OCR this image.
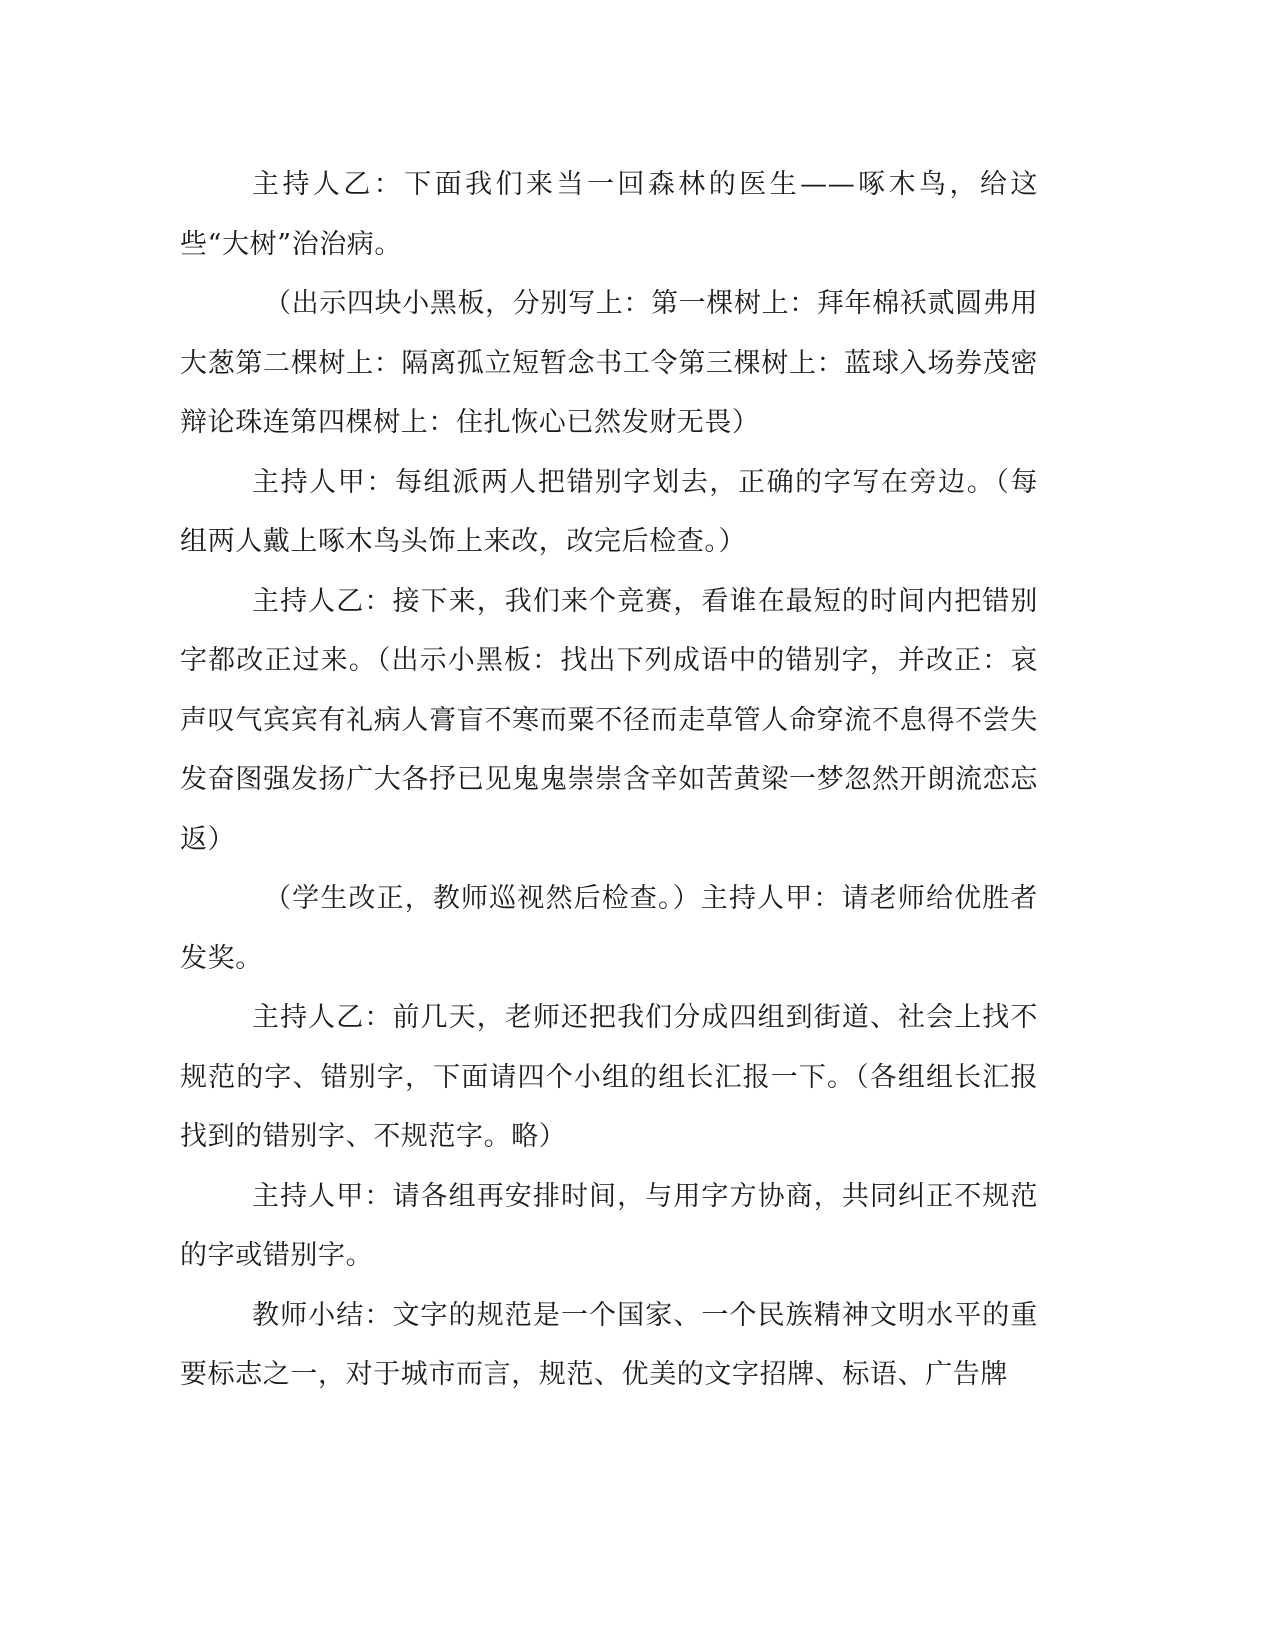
主持人乙：下面我们来当一回森林的医生——啄木鸟，给这些“大树”治治病。

（出示四块小黑板，分别写上：第一棵树上：拜年棉袄贰圆弗用大葱第二棵树上：隔离孤立短暂念书工令第三棵树上：蓝球入场券茂密辩论珠连第四棵树上：住扎恢心已然发财无畏）

主持人甲：每组派两人把错别字划去，正确的字写在旁边。（每组两人戴上啄木鸟头饰上来改，改完后检查。）

主持人乙：接下来，我们来个竞赛，看谁在最短的时间内把错别字都改正过来。（出示小黑板：找出下列成语中的错别字，并改正：哀声叹气宾宾有礼病人膏盲不寒而粟不径而走草管人命穿流不息得不尝失发奋图强发扬广大各抒已见鬼鬼崇崇含辛如苦黄梁一梦忽然开朗流恋忘返）

（学生改正，教师巡视然后检查。）主持人甲：请老师给优胜者发奖。

主持人乙：前几天，老师还把我们分成四组到街道、社会上找不规范的字、错别字，下面请四个小组的组长汇报一下。（各组组长汇报找到的错别字、不规范字。略）

主持人甲：请各组再安排时间，与用字方协商，共同纠正不规范的字或错别字。

教师小结：文字的规范是一个国家、一个民族精神文明水平的重要标志之一，对于城市而言，规范、优美的文字招牌、标语、广告牌
